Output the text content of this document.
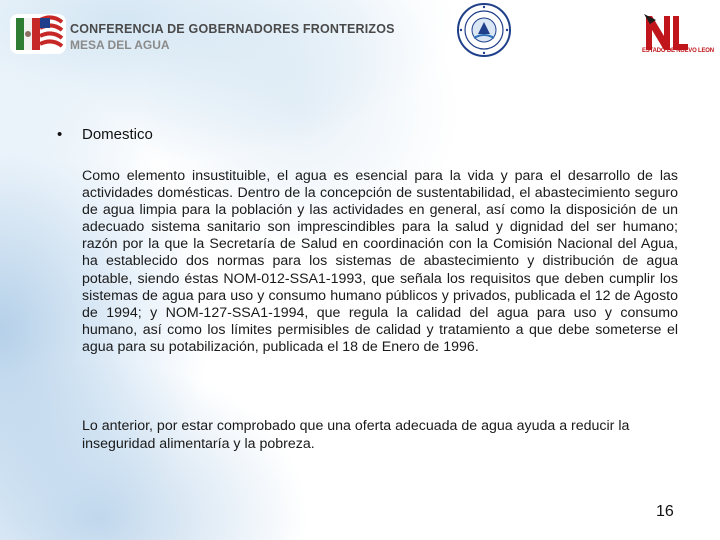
CONFERENCIA DE GOBERNADORES FRONTERIZOS
MESA DEL AGUA	ESTADO DE NUEVO LEON
• Domestico
Como elemento insustituible, el agua es esencial para la vida y para el desarrollo de las actividades domésticas. Dentro de la concepción de sustentabilidad, el abastecimiento seguro de agua limpia para la población y las actividades en general, así como la disposición de un adecuado sistema sanitario son imprescindibles para la salud y dignidad del ser humano; razón por la que la Secretaría de Salud en coordinación con la Comisión Nacional del Agua, ha establecido dos normas para los sistemas de abastecimiento y distribución de agua potable, siendo éstas NOM-012-SSA1-1993, que señala los requisitos que deben cumplir los sistemas de agua para uso y consumo humano públicos y privados, publicada el 12 de Agosto de 1994; y NOM-127-SSA1-1994, que regula la calidad del agua para uso y consumo humano, así como los límites permisibles de calidad y tratamiento a que debe someterse el agua para su potabilización, publicada el 18 de Enero de 1996.
Lo anterior, por estar comprobado que una oferta adecuada de agua ayuda a reducir la inseguridad alimentaría y la pobreza.
16
